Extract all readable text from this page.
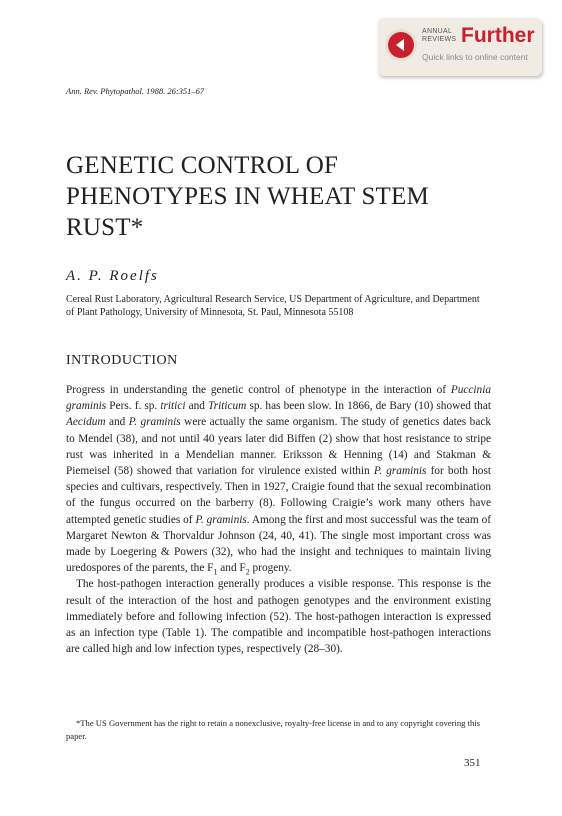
ANNUAL
REVIEWS Further
Quick links to online content
Ann. Rev. Phytopathol. 1988. 26:351–67
GENETIC CONTROL OF PHENOTYPES IN WHEAT STEM RUST*
A. P. Roelfs
Cereal Rust Laboratory, Agricultural Research Service, US Department of Agriculture, and Department of Plant Pathology, University of Minnesota, St. Paul, Minnesota 55108
INTRODUCTION

Progress in understanding the genetic control of phenotype in the interaction of Puccinia graminis Pers. f. sp. tritici and Triticum sp. has been slow. In 1866, de Bary (10) showed that Aecidum and P. graminis were actually the same organism. The study of genetics dates back to Mendel (38), and not until 40 years later did Biffen (2) show that host resistance to stripe rust was inherited in a Mendelian manner. Eriksson & Henning (14) and Stakman & Piemeisel (58) showed that variation for virulence existed within P. graminis for both host species and cultivars, respectively. Then in 1927, Craigie found that the sexual recombination of the fungus occurred on the barberry (8). Following Craigie’s work many others have attempted genetic studies of P. graminis. Among the first and most successful was the team of Margaret Newton & Thorvaldur Johnson (24, 40, 41). The single most important cross was made by Loegering & Powers (32), who had the insight and techniques to maintain living uredospores of the parents, the $F_1$ and $F_2$ progeny.

The host-pathogen interaction generally produces a visible response. This response is the result of the interaction of the host and pathogen genotypes and the environment existing immediately before and following infection (52). The host-pathogen interaction is expressed as an infection type (Table 1). The compatible and incompatible host-pathogen interactions are called high and low infection types, respectively (28–30).

*The US Government has the right to retain a nonexclusive, royalty-free license in and to any copyright covering this paper.
351
